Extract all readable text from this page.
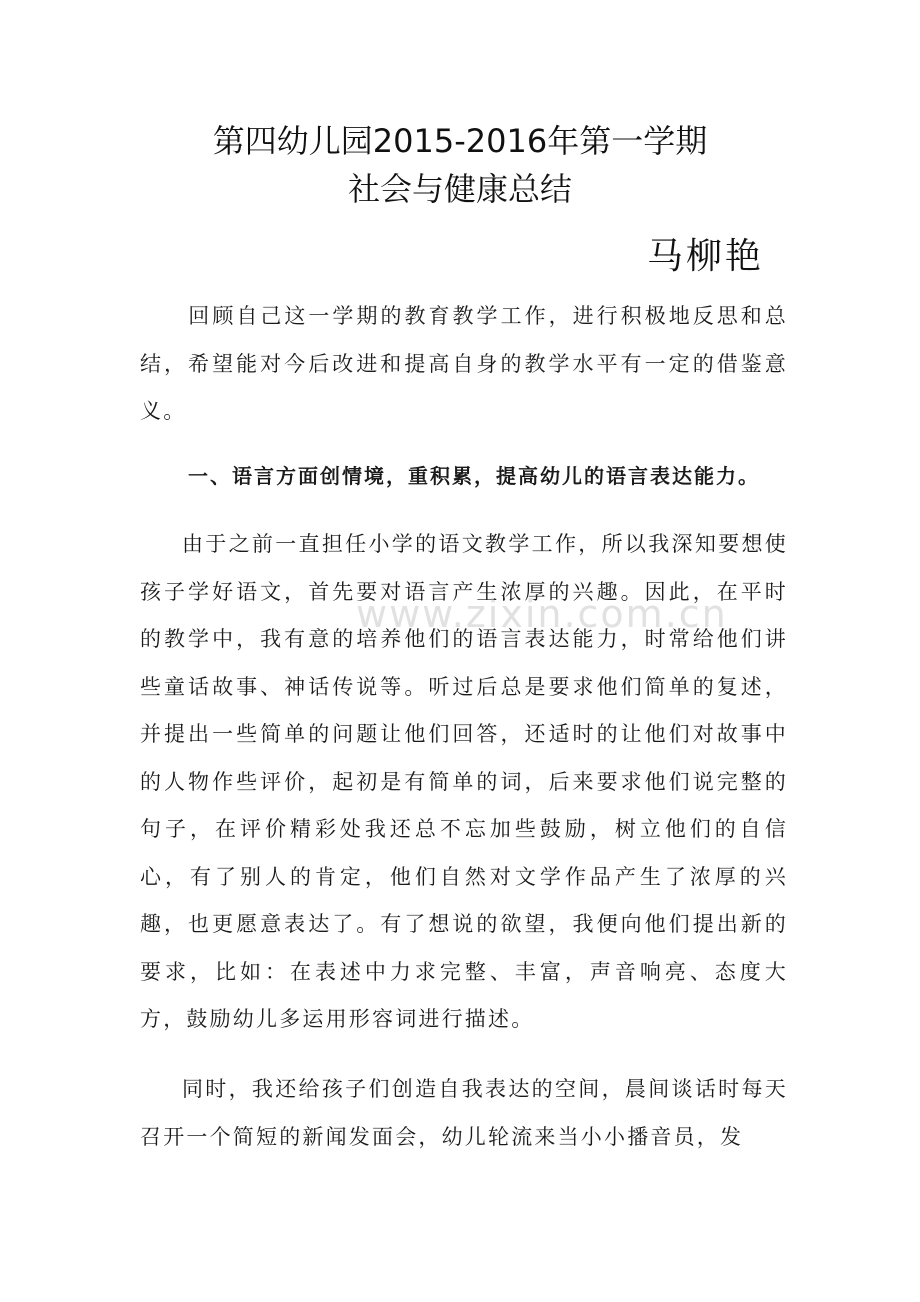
第四幼儿园2015-2016年第一学期
社会与健康总结
马柳艳

回顾自己这一学期的教育教学工作，进行积极地反思和总结，希望能对今后改进和提高自身的教学水平有一定的借鉴意义。

一、语言方面创情境，重积累，提高幼儿的语言表达能力。

由于之前一直担任小学的语文教学工作，所以我深知要想使孩子学好语文，首先要对语言产生浓厚的兴趣。因此，在平时的教学中，我有意的培养他们的语言表达能力，时常给他们讲些童话故事、神话传说等。听过后总是要求他们简单的复述，并提出一些简单的问题让他们回答，还适时的让他们对故事中的人物作些评价，起初是有简单的词，后来要求他们说完整的句子，在评价精彩处我还总不忘加些鼓励，树立他们的自信心，有了别人的肯定，他们自然对文学作品产生了浓厚的兴趣，也更愿意表达了。有了想说的欲望，我便向他们提出新的要求，比如：在表述中力求完整、丰富，声音响亮、态度大方，鼓励幼儿多运用形容词进行描述。

同时，我还给孩子们创造自我表达的空间，晨间谈话时每天召开一个简短的新闻发面会，幼儿轮流来当小小播音员，发

www.zixin.com.cn
